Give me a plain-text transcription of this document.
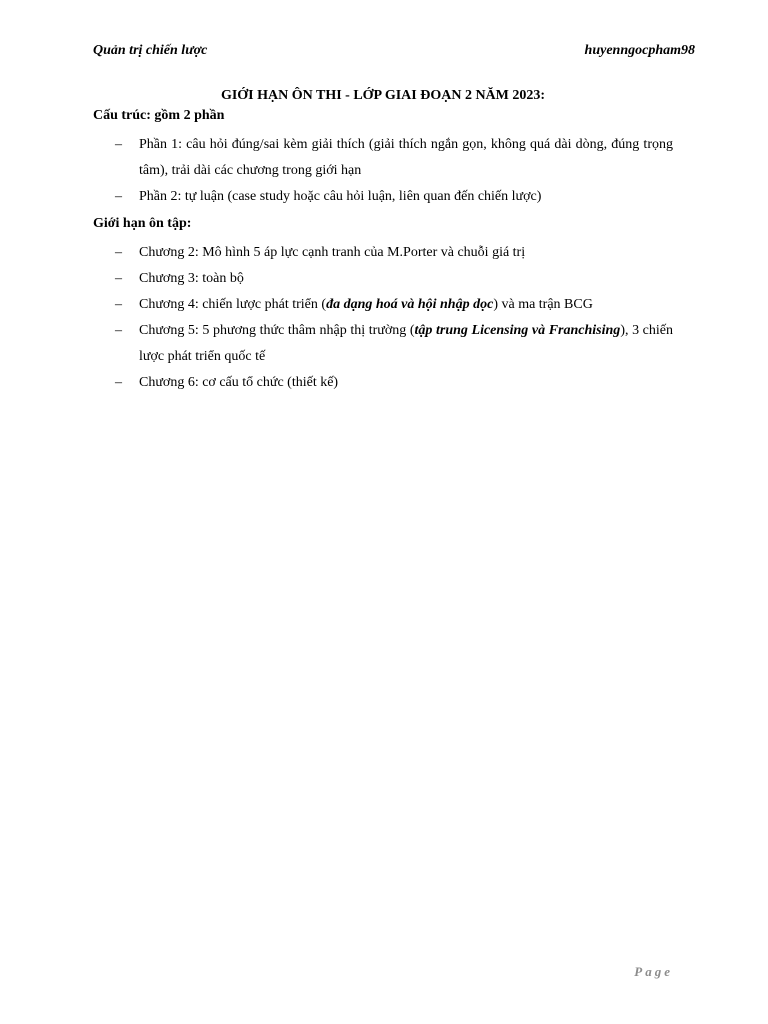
Quản trị chiến lược	huyenngocpham98
GIỚI HẠN ÔN THI - LỚP GIAI ĐOẠN 2 NĂM 2023:
Cấu trúc: gồm 2 phần
– Phần 1: câu hỏi đúng/sai kèm giải thích (giải thích ngắn gọn, không quá dài dòng, đúng trọng tâm), trải dài các chương trong giới hạn
– Phần 2: tự luận (case study hoặc câu hỏi luận, liên quan đến chiến lược)
Giới hạn ôn tập:
– Chương 2: Mô hình 5 áp lực cạnh tranh của M.Porter và chuỗi giá trị
– Chương 3: toàn bộ
– Chương 4: chiến lược phát triển (đa dạng hoá và hội nhập dọc) và ma trận BCG
– Chương 5: 5 phương thức thâm nhập thị trường (tập trung Licensing và Franchising), 3 chiến lược phát triển quốc tế
– Chương 6: cơ cấu tổ chức (thiết kế)
Page
